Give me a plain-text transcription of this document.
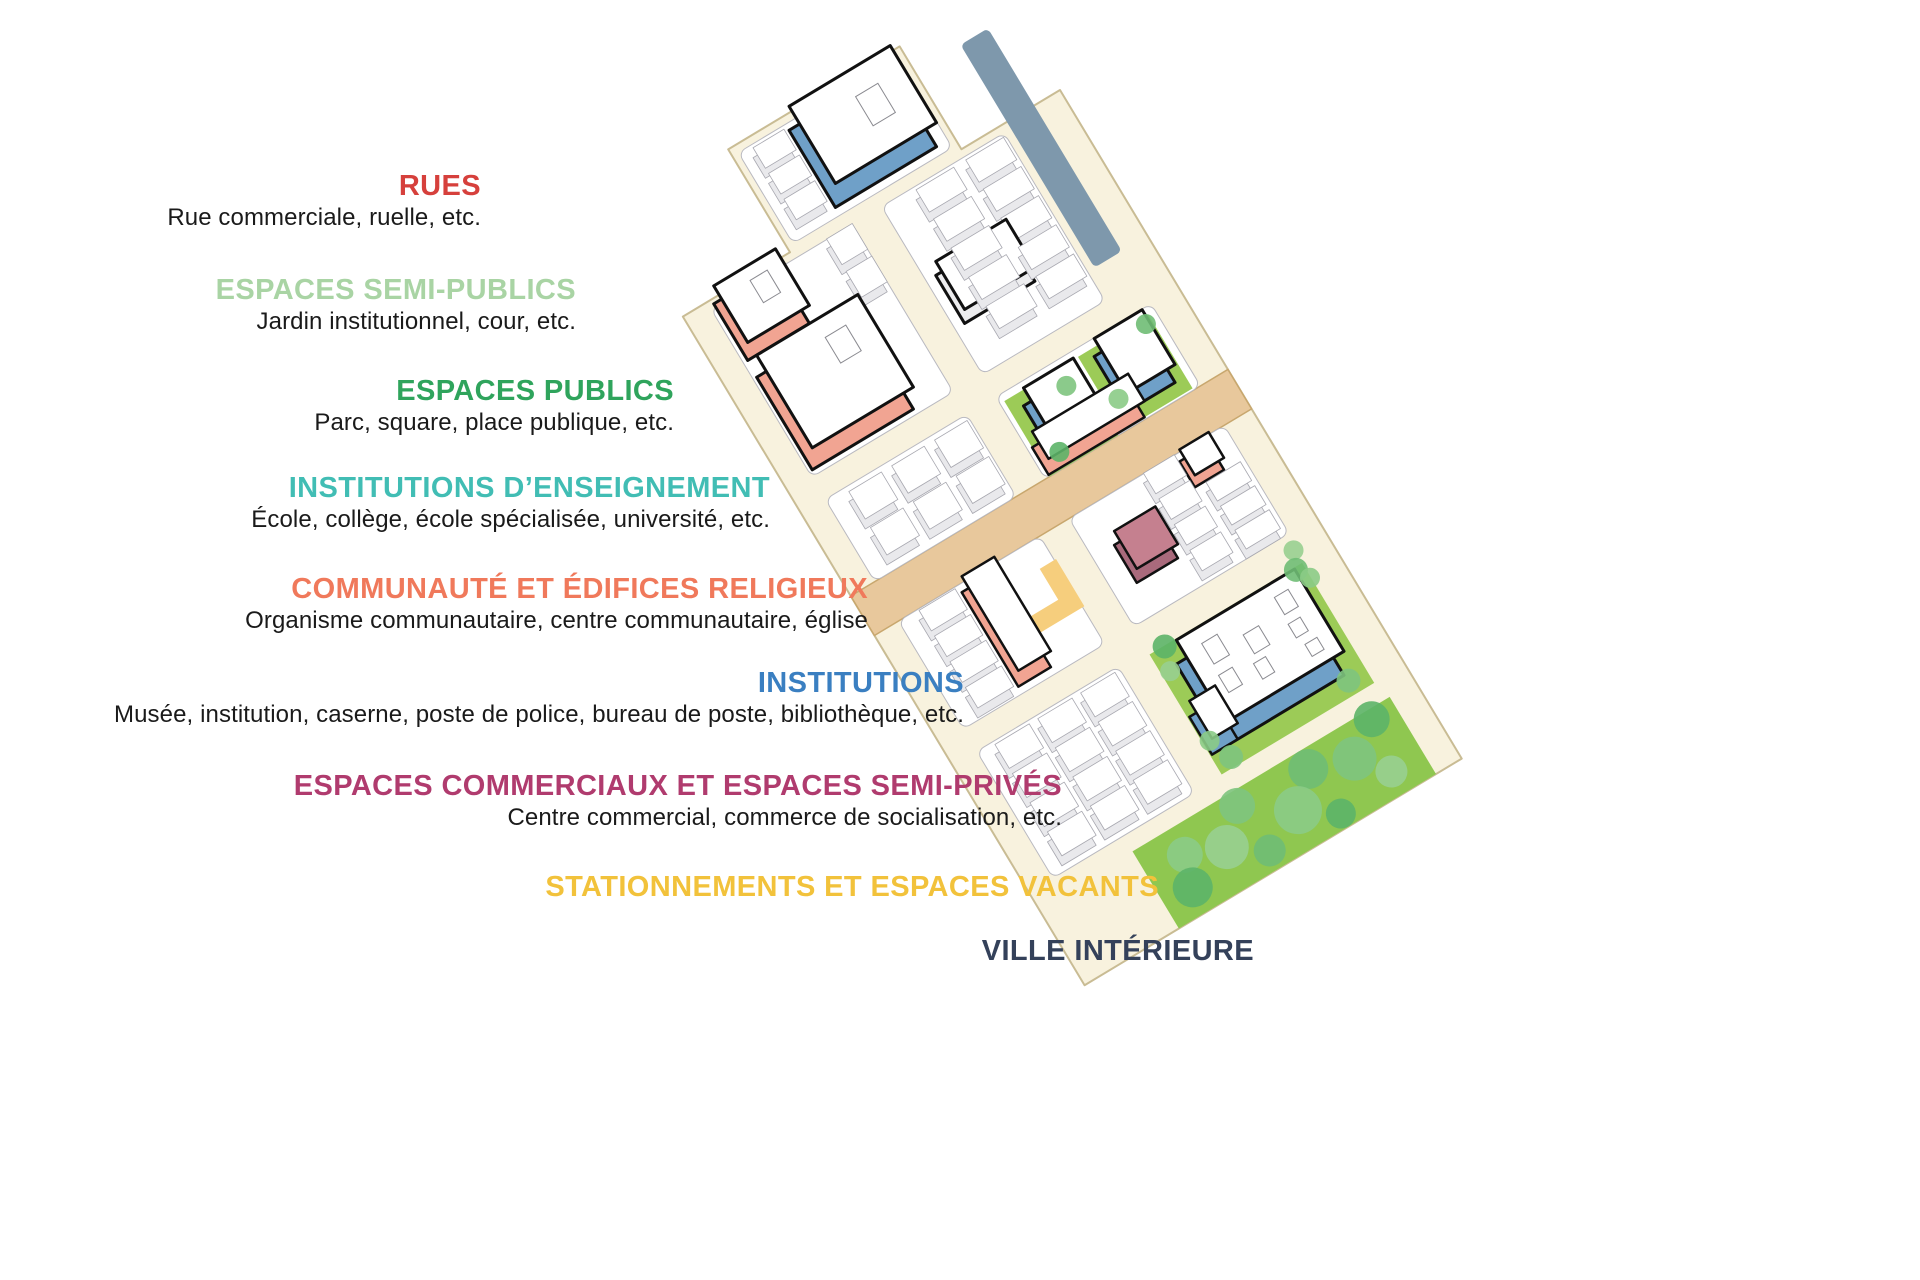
RUES
Rue commerciale, ruelle, etc.
ESPACES SEMI-PUBLICS
Jardin institutionnel, cour, etc.
ESPACES PUBLICS
Parc, square, place publique, etc.
INSTITUTIONS D’ENSEIGNEMENT
École, collège, école spécialisée, université, etc.
COMMUNAUTÉ ET ÉDIFICES RELIGIEUX
Organisme communautaire, centre communautaire, église
INSTITUTIONS
Musée, institution, caserne, poste de police, bureau de poste, bibliothèque, etc.
ESPACES COMMERCIAUX ET ESPACES SEMI-PRIVÉS
Centre commercial, commerce de socialisation, etc.
STATIONNEMENTS ET ESPACES VACANTS
VILLE INTÉRIEURE
